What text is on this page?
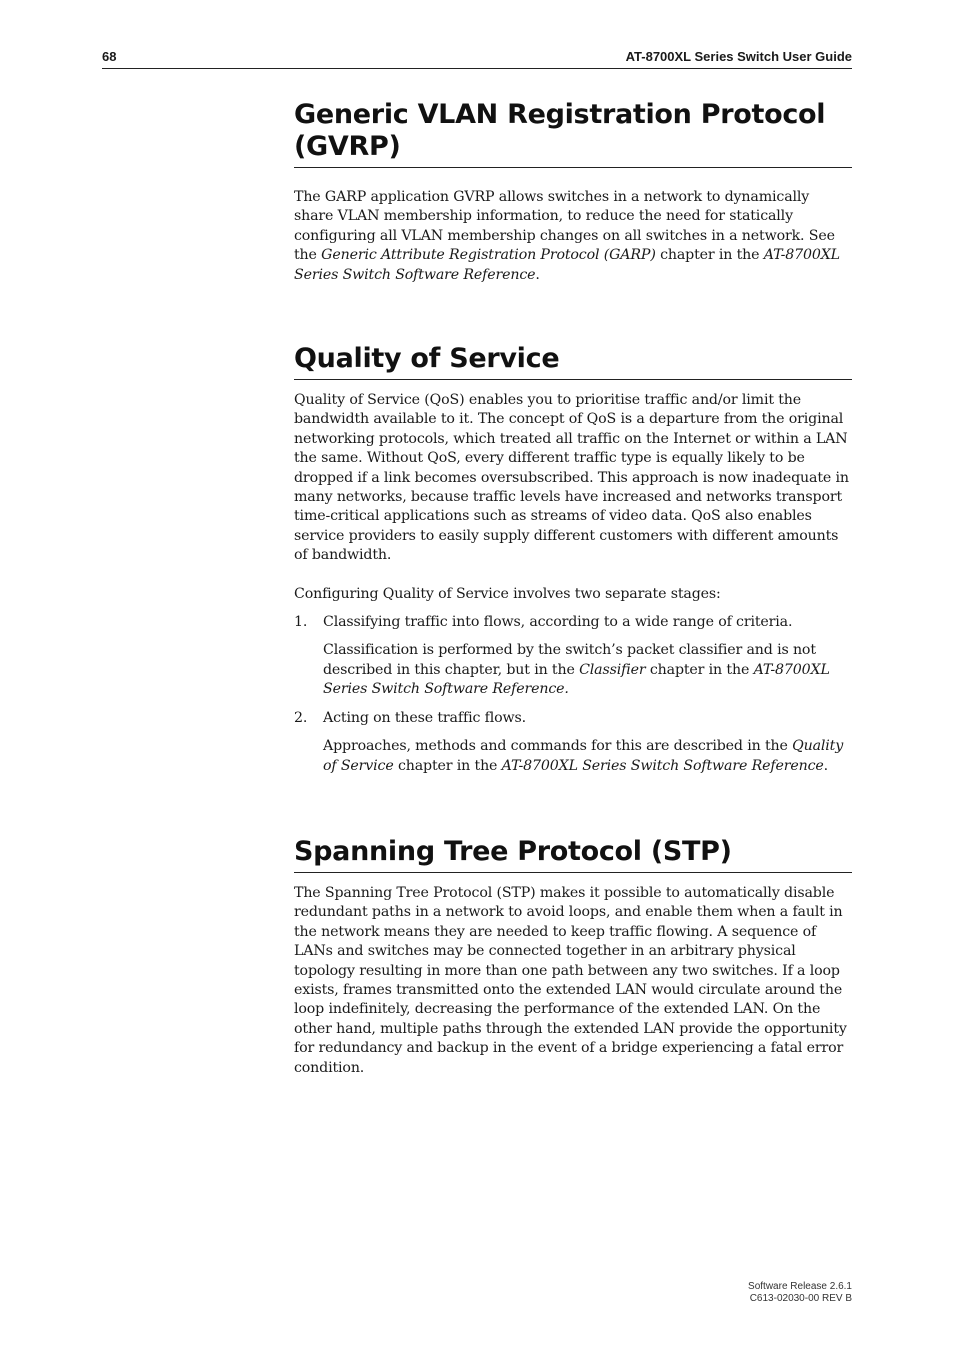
68	AT-8700XL Series Switch User Guide
Generic VLAN Registration Protocol (GVRP)

The GARP application GVRP allows switches in a network to dynamically share VLAN membership information, to reduce the need for statically configuring all VLAN membership changes on all switches in a network. See the Generic Attribute Registration Protocol (GARP) chapter in the AT-8700XL Series Switch Software Reference.

Quality of Service

Quality of Service (QoS) enables you to prioritise traffic and/or limit the bandwidth available to it. The concept of QoS is a departure from the original networking protocols, which treated all traffic on the Internet or within a LAN the same. Without QoS, every different traffic type is equally likely to be dropped if a link becomes oversubscribed. This approach is now inadequate in many networks, because traffic levels have increased and networks transport time-critical applications such as streams of video data. QoS also enables service providers to easily supply different customers with different amounts of bandwidth.

Configuring Quality of Service involves two separate stages:

1. Classifying traffic into flows, according to a wide range of criteria.
Classification is performed by the switch’s packet classifier and is not described in this chapter, but in the Classifier chapter in the AT-8700XL Series Switch Software Reference.
2. Acting on these traffic flows.
Approaches, methods and commands for this are described in the Quality of Service chapter in the AT-8700XL Series Switch Software Reference.
Spanning Tree Protocol (STP)

The Spanning Tree Protocol (STP) makes it possible to automatically disable redundant paths in a network to avoid loops, and enable them when a fault in the network means they are needed to keep traffic flowing. A sequence of LANs and switches may be connected together in an arbitrary physical topology resulting in more than one path between any two switches. If a loop exists, frames transmitted onto the extended LAN would circulate around the loop indefinitely, decreasing the performance of the extended LAN. On the other hand, multiple paths through the extended LAN provide the opportunity for redundancy and backup in the event of a bridge experiencing a fatal error condition.

Software Release 2.6.1
C613-02030-00 REV B
